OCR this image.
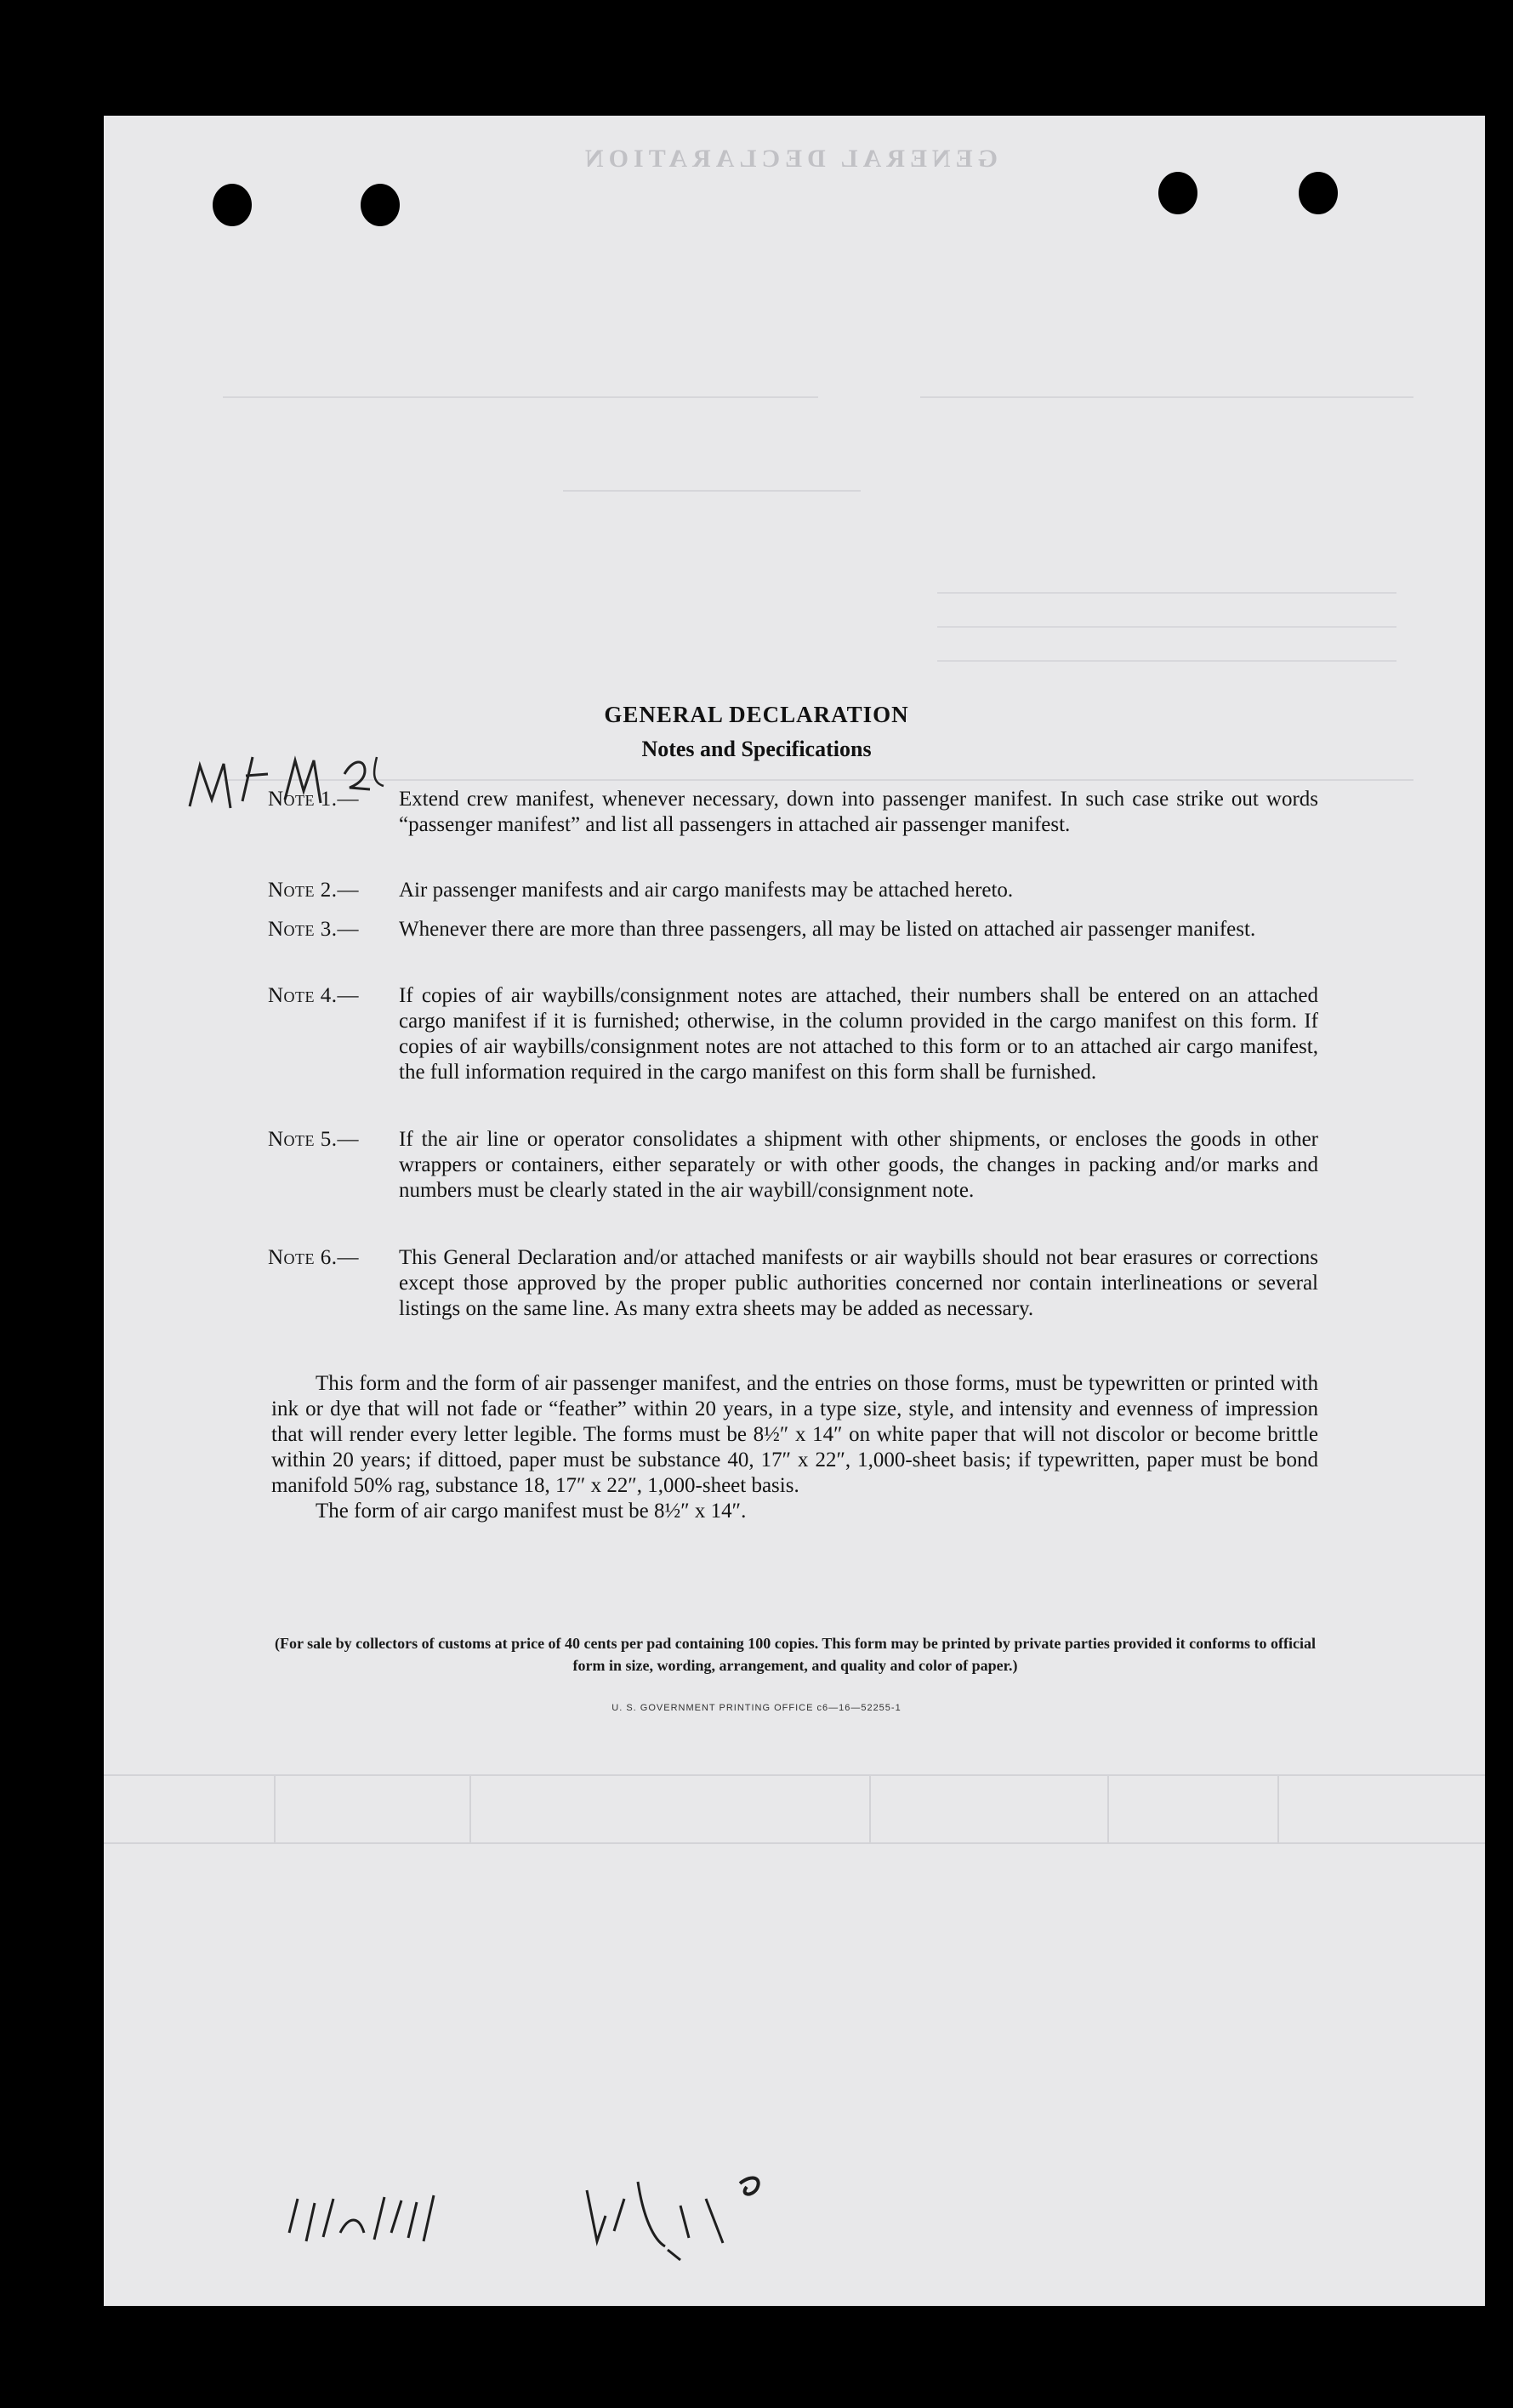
GENERAL DECLARATION
GENERAL DECLARATION
Notes and Specifications
Note 1.—	Extend crew manifest, whenever necessary, down into passenger manifest. In such case strike out words “passenger manifest” and list all passengers in attached air passenger manifest.
Note 2.—	Air passenger manifests and air cargo manifests may be attached hereto.
Note 3.—	Whenever there are more than three passengers, all may be listed on attached air passenger manifest.
Note 4.—	If copies of air waybills/consignment notes are attached, their numbers shall be entered on an attached cargo manifest if it is furnished; otherwise, in the column provided in the cargo manifest on this form. If copies of air waybills/consignment notes are not attached to this form or to an attached air cargo manifest, the full information required in the cargo manifest on this form shall be furnished.
Note 5.—	If the air line or operator consolidates a shipment with other shipments, or encloses the goods in other wrappers or containers, either separately or with other goods, the changes in packing and/or marks and numbers must be clearly stated in the air waybill/consignment note.
Note 6.—	This General Declaration and/or attached manifests or air waybills should not bear erasures or corrections except those approved by the proper public authorities concerned nor contain interlineations or several listings on the same line. As many extra sheets may be added as necessary.
This form and the form of air passenger manifest, and the entries on those forms, must be typewritten or printed with ink or dye that will not fade or “feather” within 20 years, in a type size, style, and intensity and evenness of impression that will render every letter legible. The forms must be 8½″ x 14″ on white paper that will not discolor or become brittle within 20 years; if dittoed, paper must be substance 40, 17″ x 22″, 1,000-sheet basis; if typewritten, paper must be bond manifold 50% rag, substance 18, 17″ x 22″, 1,000-sheet basis.
The form of air cargo manifest must be 8½″ x 14″.
(For sale by collectors of customs at price of 40 cents per pad containing 100 copies. This form may be printed by private parties provided it conforms to official form in size, wording, arrangement, and quality and color of paper.)
U. S. GOVERNMENT PRINTING OFFICE c6—16—52255-1
